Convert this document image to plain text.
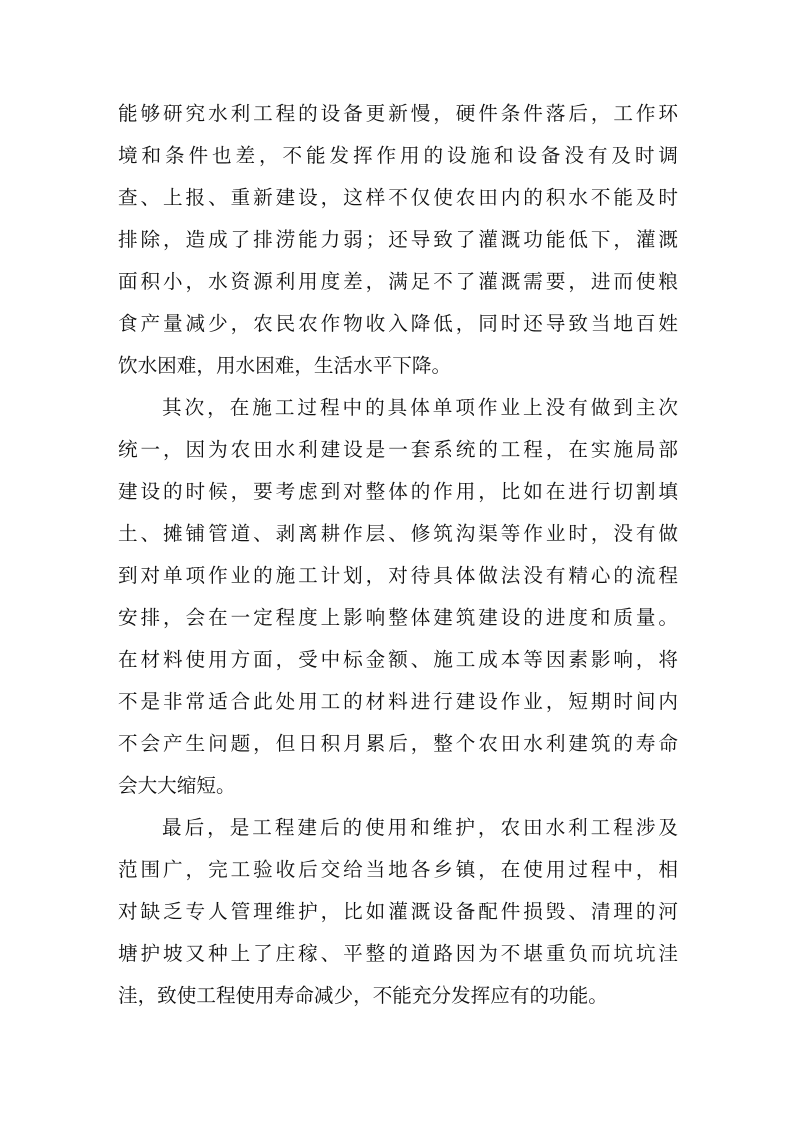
能够研究水利工程的设备更新慢，硬件条件落后，工作环
境和条件也差，不能发挥作用的设施和设备没有及时调
查、上报、重新建设，这样不仅使农田内的积水不能及时
排除，造成了排涝能力弱；还导致了灌溉功能低下，灌溉
面积小，水资源利用度差，满足不了灌溉需要，进而使粮
食产量减少，农民农作物收入降低，同时还导致当地百姓
饮水困难，用水困难，生活水平下降。
其次，在施工过程中的具体单项作业上没有做到主次
统一，因为农田水利建设是一套系统的工程，在实施局部
建设的时候，要考虑到对整体的作用，比如在进行切割填
土、摊铺管道、剥离耕作层、修筑沟渠等作业时，没有做
到对单项作业的施工计划，对待具体做法没有精心的流程
安排，会在一定程度上影响整体建筑建设的进度和质量。
在材料使用方面，受中标金额、施工成本等因素影响，将
不是非常适合此处用工的材料进行建设作业，短期时间内
不会产生问题，但日积月累后，整个农田水利建筑的寿命
会大大缩短。
最后，是工程建后的使用和维护，农田水利工程涉及
范围广，完工验收后交给当地各乡镇，在使用过程中，相
对缺乏专人管理维护，比如灌溉设备配件损毁、清理的河
塘护坡又种上了庄稼、平整的道路因为不堪重负而坑坑洼
洼，致使工程使用寿命减少，不能充分发挥应有的功能。
